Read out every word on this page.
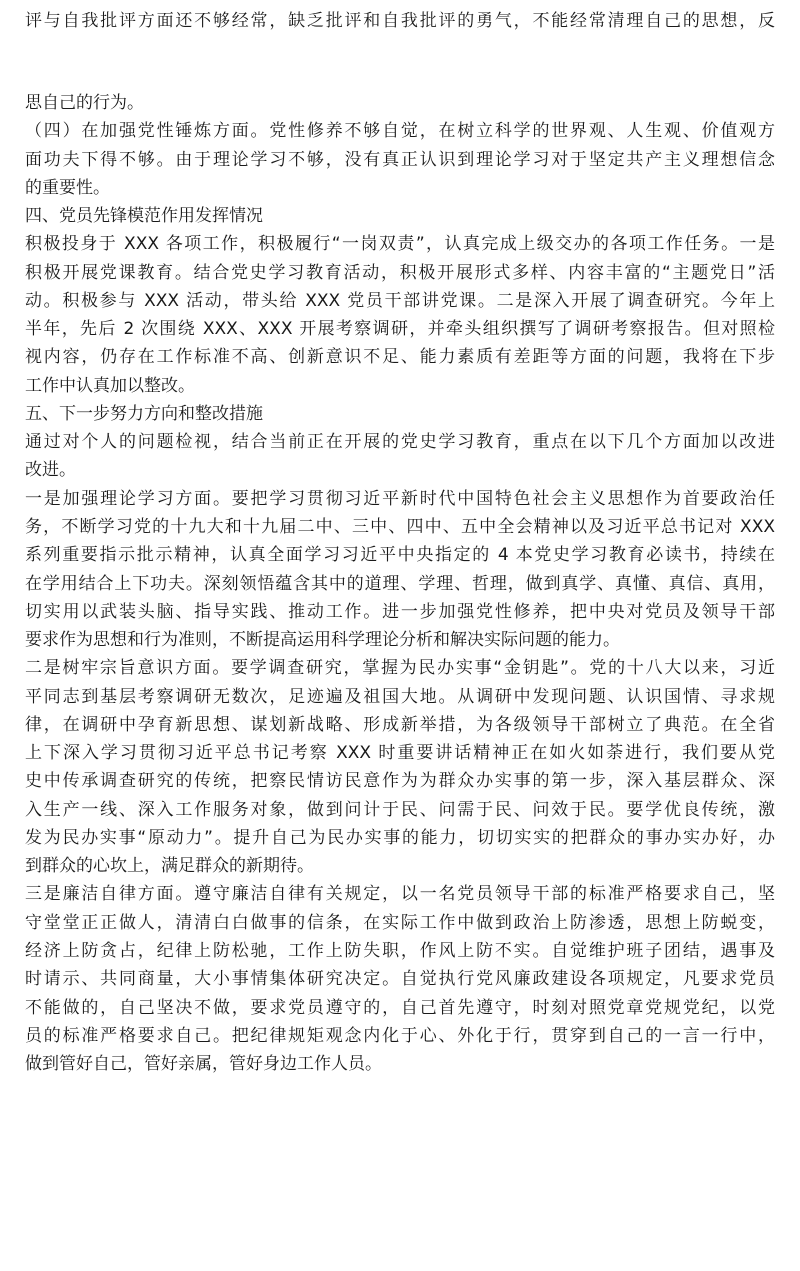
评与自我批评方面还不够经常，缺乏批评和自我批评的勇气，不能经常清理自己的思想，反
思自己的行为。
（四）在加强党性锤炼方面。党性修养不够自觉，在树立科学的世界观、人生观、价值观方
面功夫下得不够。由于理论学习不够，没有真正认识到理论学习对于坚定共产主义理想信念
的重要性。
四、党员先锋模范作用发挥情况
积极投身于 XXX 各项工作，积极履行“一岗双责”，认真完成上级交办的各项工作任务。一是
积极开展党课教育。结合党史学习教育活动，积极开展形式多样、内容丰富的“主题党日”活
动。积极参与 XXX 活动，带头给 XXX 党员干部讲党课。二是深入开展了调查研究。今年上
半年，先后 2 次围绕 XXX、XXX 开展考察调研，并牵头组织撰写了调研考察报告。但对照检
视内容，仍存在工作标准不高、创新意识不足、能力素质有差距等方面的问题，我将在下步
工作中认真加以整改。
五、下一步努力方向和整改措施
通过对个人的问题检视，结合当前正在开展的党史学习教育，重点在以下几个方面加以改进
改进。
一是加强理论学习方面。要把学习贯彻习近平新时代中国特色社会主义思想作为首要政治任
务，不断学习党的十九大和十九届二中、三中、四中、五中全会精神以及习近平总书记对 XXX
系列重要指示批示精神，认真全面学习习近平中央指定的 4 本党史学习教育必读书，持续在
在学用结合上下功夫。深刻领悟蕴含其中的道理、学理、哲理，做到真学、真懂、真信、真用，
切实用以武装头脑、指导实践、推动工作。进一步加强党性修养，把中央对党员及领导干部
要求作为思想和行为准则，不断提高运用科学理论分析和解决实际问题的能力。
二是树牢宗旨意识方面。要学调查研究，掌握为民办实事“金钥匙”。党的十八大以来，习近
平同志到基层考察调研无数次，足迹遍及祖国大地。从调研中发现问题、认识国情、寻求规
律，在调研中孕育新思想、谋划新战略、形成新举措，为各级领导干部树立了典范。在全省
上下深入学习贯彻习近平总书记考察 XXX 时重要讲话精神正在如火如荼进行，我们要从党
史中传承调查研究的传统，把察民情访民意作为为群众办实事的第一步，深入基层群众、深
入生产一线、深入工作服务对象，做到问计于民、问需于民、问效于民。要学优良传统，激
发为民办实事“原动力”。提升自己为民办实事的能力，切切实实的把群众的事办实办好，办
到群众的心坎上，满足群众的新期待。
三是廉洁自律方面。遵守廉洁自律有关规定，以一名党员领导干部的标准严格要求自己，坚
守堂堂正正做人，清清白白做事的信条，在实际工作中做到政治上防渗透，思想上防蜕变，
经济上防贪占，纪律上防松驰，工作上防失职，作风上防不实。自觉维护班子团结，遇事及
时请示、共同商量，大小事情集体研究决定。自觉执行党风廉政建设各项规定，凡要求党员
不能做的，自己坚决不做，要求党员遵守的，自己首先遵守，时刻对照党章党规党纪，以党
员的标准严格要求自己。把纪律规矩观念内化于心、外化于行，贯穿到自己的一言一行中，
做到管好自己，管好亲属，管好身边工作人员。
